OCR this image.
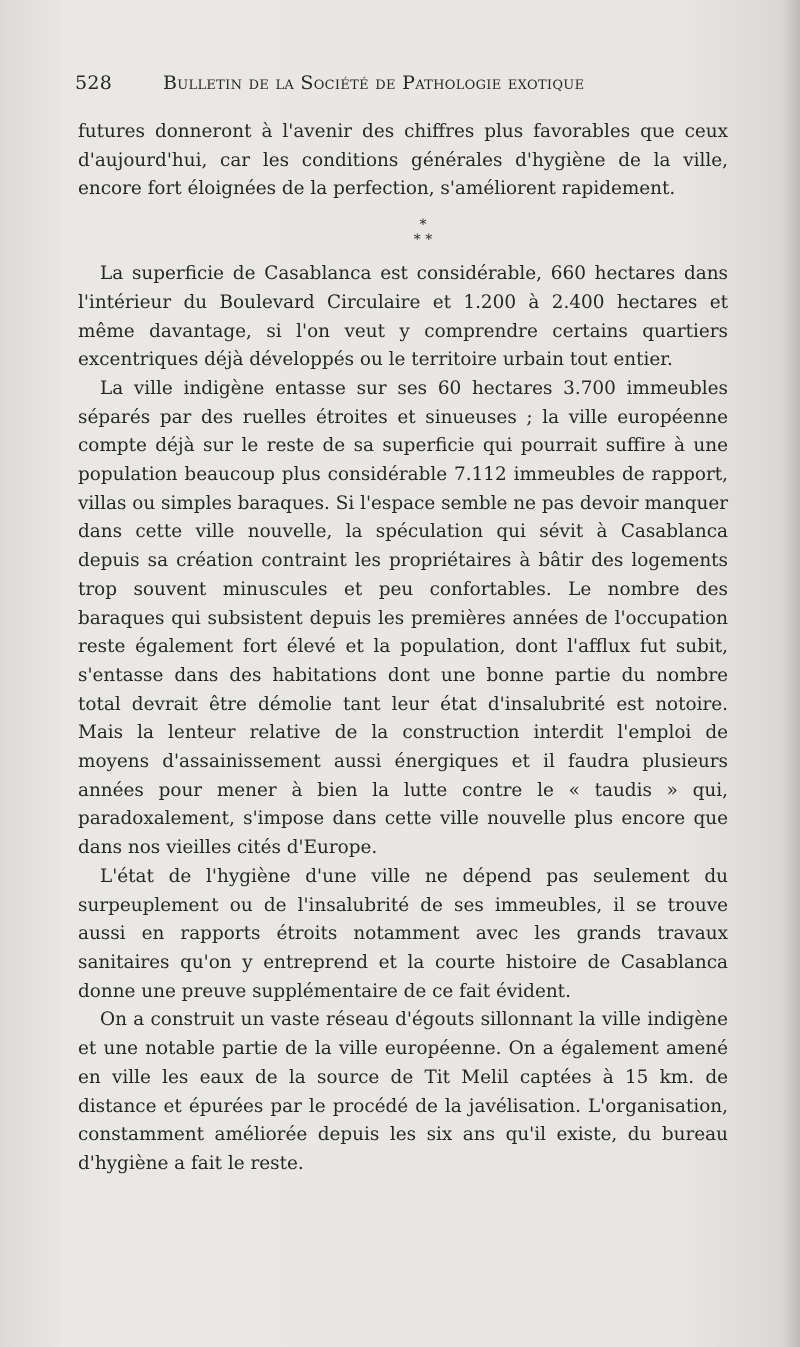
528	Bulletin de la Société de Pathologie exotique

futures donneront à l'avenir des chiffres plus favorables que ceux d'aujourd'hui, car les conditions générales d'hygiène de la ville, encore fort éloignées de la perfection, s'améliorent rapidement.

*
* *

La superficie de Casablanca est considérable, 660 hectares dans l'intérieur du Boulevard Circulaire et 1.200 à 2.400 hectares et même davantage, si l'on veut y comprendre certains quartiers excentriques déjà développés ou le territoire urbain tout entier.

La ville indigène entasse sur ses 60 hectares 3.700 immeubles séparés par des ruelles étroites et sinueuses ; la ville européenne compte déjà sur le reste de sa superficie qui pourrait suffire à une population beaucoup plus considérable 7.112 immeubles de rapport, villas ou simples baraques. Si l'espace semble ne pas devoir manquer dans cette ville nouvelle, la spéculation qui sévit à Casablanca depuis sa création contraint les propriétaires à bâtir des logements trop souvent minuscules et peu confortables. Le nombre des baraques qui subsistent depuis les premières années de l'occupation reste également fort élevé et la population, dont l'afflux fut subit, s'entasse dans des habitations dont une bonne partie du nombre total devrait être démolie tant leur état d'insalubrité est notoire. Mais la lenteur relative de la construction interdit l'emploi de moyens d'assainissement aussi énergiques et il faudra plusieurs années pour mener à bien la lutte contre le « taudis » qui, paradoxalement, s'impose dans cette ville nouvelle plus encore que dans nos vieilles cités d'Europe.

L'état de l'hygiène d'une ville ne dépend pas seulement du surpeuplement ou de l'insalubrité de ses immeubles, il se trouve aussi en rapports étroits notamment avec les grands travaux sanitaires qu'on y entreprend et la courte histoire de Casablanca donne une preuve supplémentaire de ce fait évident.

On a construit un vaste réseau d'égouts sillonnant la ville indigène et une notable partie de la ville européenne. On a également amené en ville les eaux de la source de Tit Melil captées à 15 km. de distance et épurées par le procédé de la javélisation. L'organisation, constamment améliorée depuis les six ans qu'il existe, du bureau d'hygiène a fait le reste.
